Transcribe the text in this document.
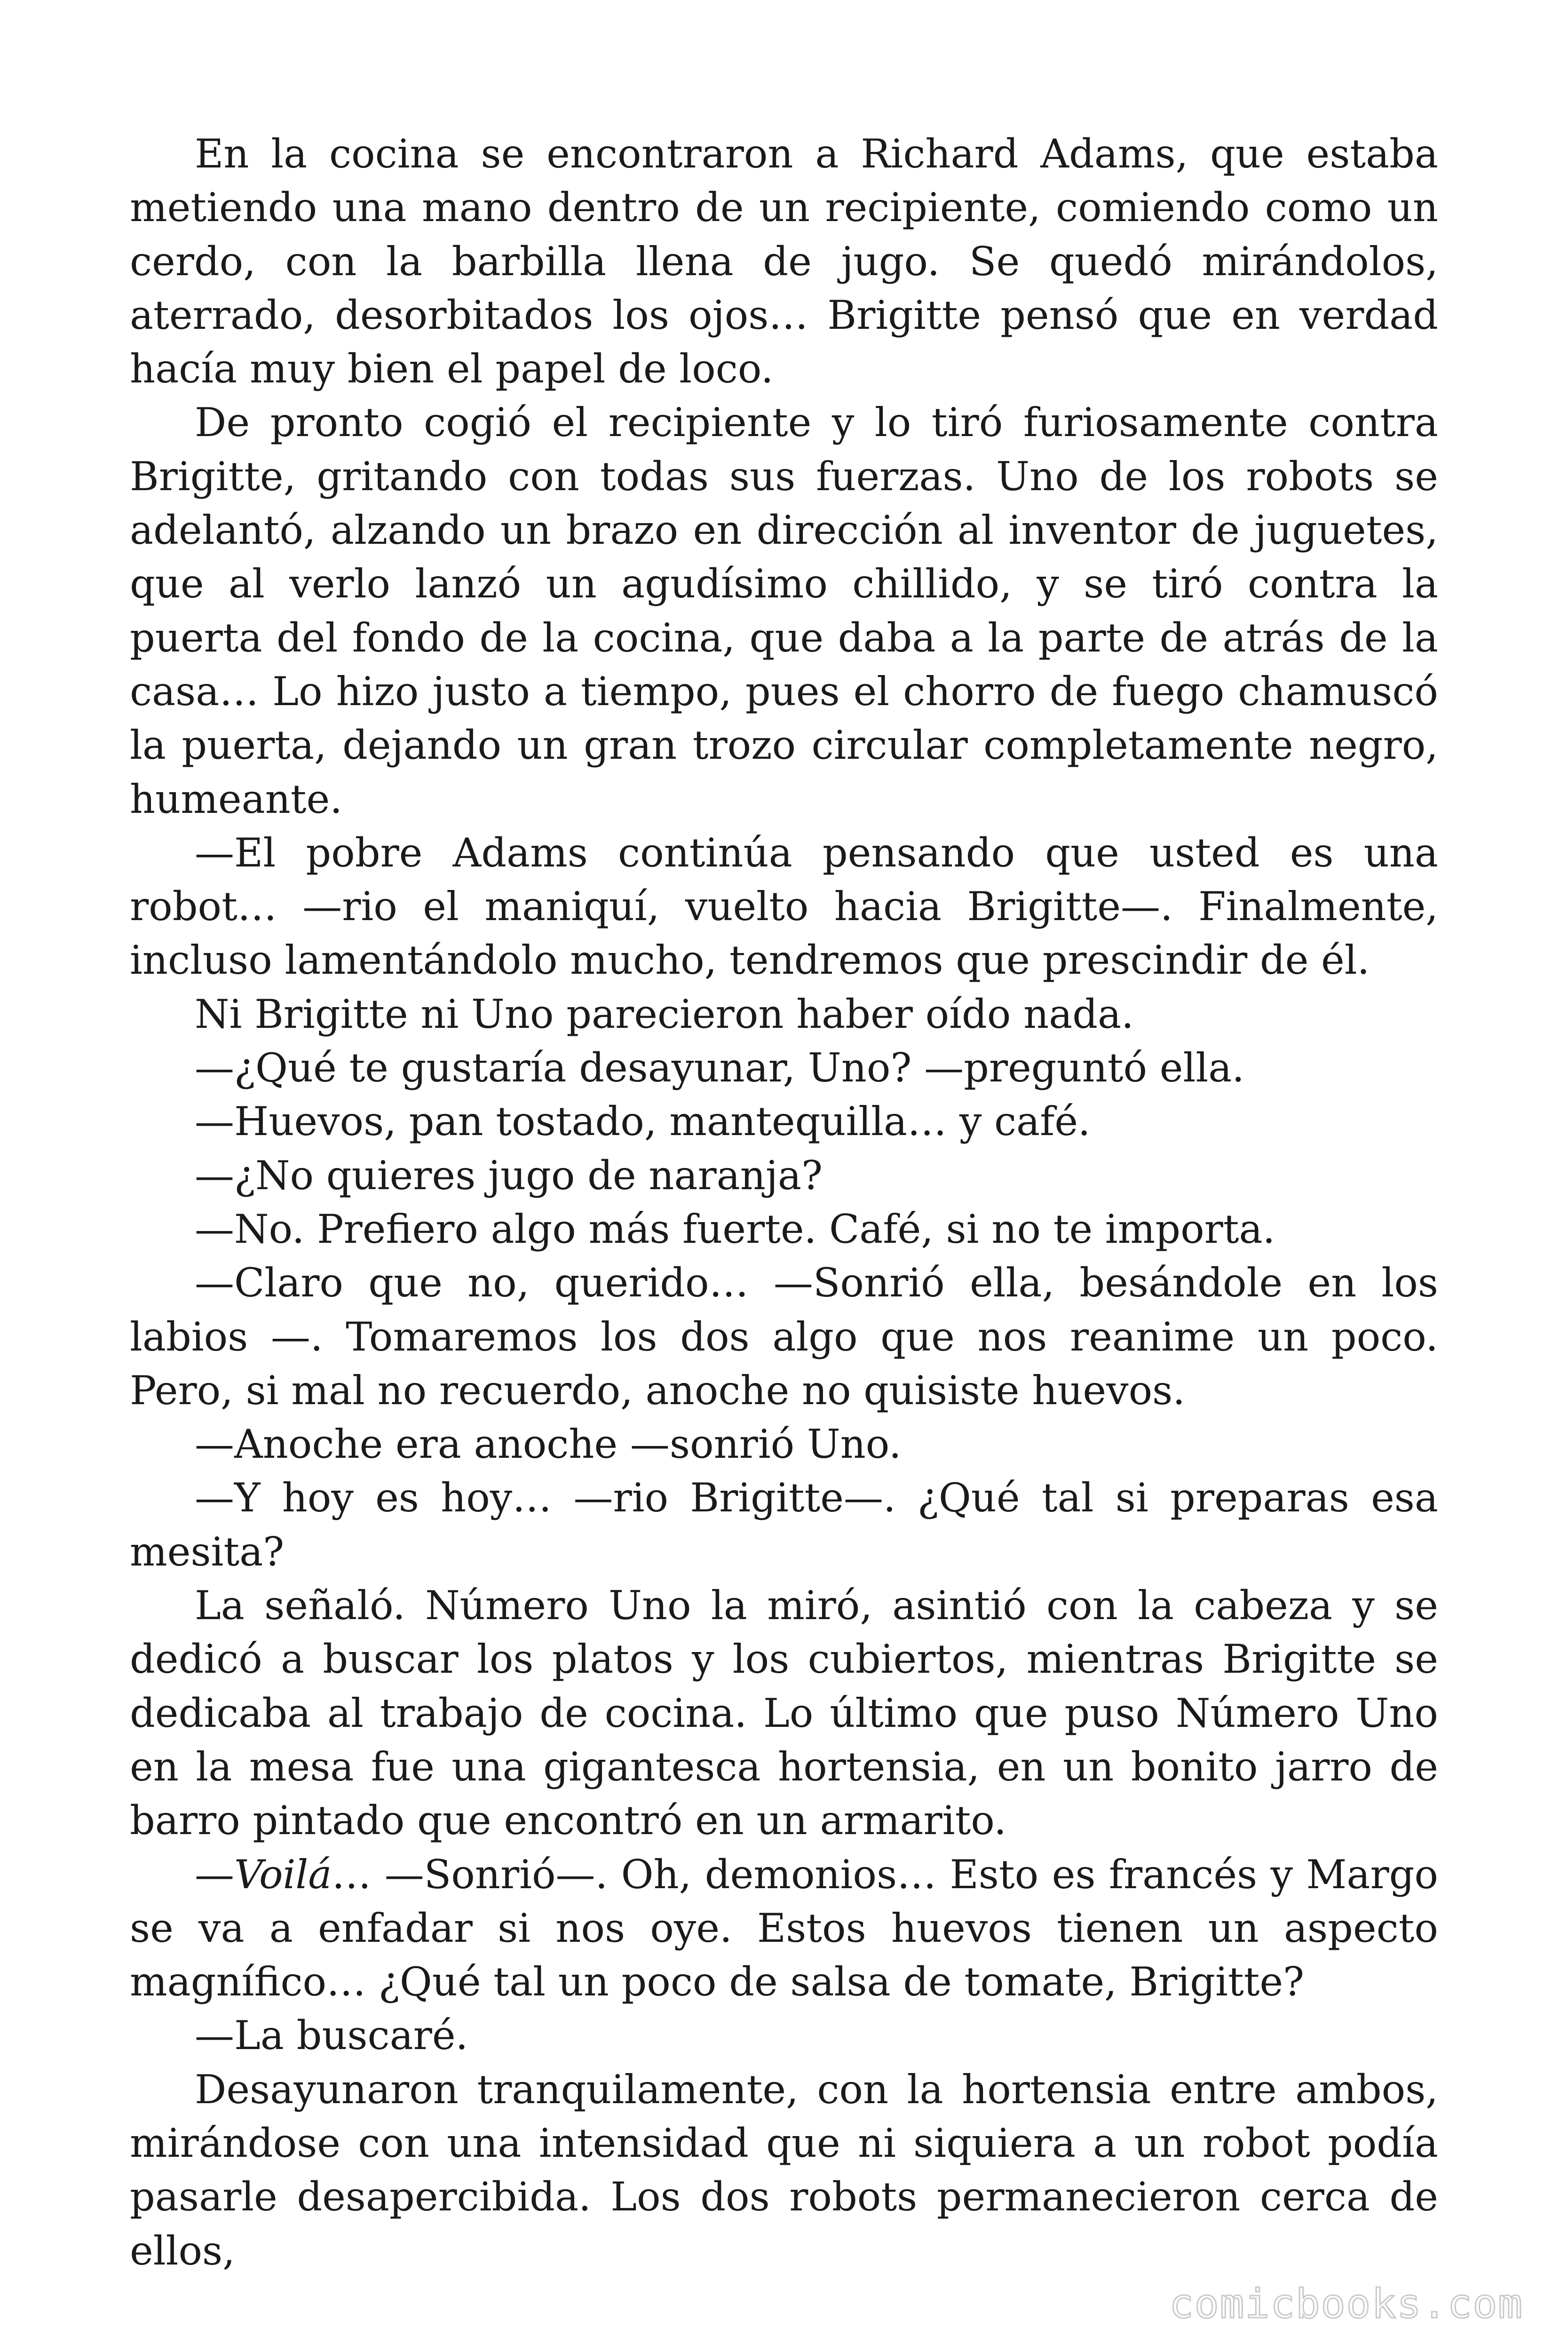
En la cocina se encontraron a Richard Adams, que estaba metiendo una mano dentro de un recipiente, comiendo como un cerdo, con la barbilla llena de jugo. Se quedó mirándolos, aterrado, desorbitados los ojos… Brigitte pensó que en verdad hacía muy bien el papel de loco.

De pronto cogió el recipiente y lo tiró furiosamente contra Brigitte, gritando con todas sus fuerzas. Uno de los robots se adelantó, alzando un brazo en dirección al inventor de juguetes, que al verlo lanzó un agudísimo chillido, y se tiró contra la puerta del fondo de la cocina, que daba a la parte de atrás de la casa… Lo hizo justo a tiempo, pues el chorro de fuego chamuscó la puerta, dejando un gran trozo circular completamente negro, humeante.

—El pobre Adams continúa pensando que usted es una robot… —rio el maniquí, vuelto hacia Brigitte—. Finalmente, incluso lamentándolo mucho, tendremos que prescindir de él.

Ni Brigitte ni Uno parecieron haber oído nada.

—¿Qué te gustaría desayunar, Uno? —preguntó ella.

—Huevos, pan tostado, mantequilla… y café.

—¿No quieres jugo de naranja?

—No. Prefiero algo más fuerte. Café, si no te importa.

—Claro que no, querido… —Sonrió ella, besándole en los labios —. Tomaremos los dos algo que nos reanime un poco. Pero, si mal no recuerdo, anoche no quisiste huevos.

—Anoche era anoche —sonrió Uno.

—Y hoy es hoy… —rio Brigitte—. ¿Qué tal si preparas esa mesita?

La señaló. Número Uno la miró, asintió con la cabeza y se dedicó a buscar los platos y los cubiertos, mientras Brigitte se dedicaba al trabajo de cocina. Lo último que puso Número Uno en la mesa fue una gigantesca hortensia, en un bonito jarro de barro pintado que encontró en un armarito.

—Voilá… —Sonrió—. Oh, demonios… Esto es francés y Margo se va a enfadar si nos oye. Estos huevos tienen un aspecto magnífico… ¿Qué tal un poco de salsa de tomate, Brigitte?

—La buscaré.

Desayunaron tranquilamente, con la hortensia entre ambos, mirándose con una intensidad que ni siquiera a un robot podía pasarle desapercibida. Los dos robots permanecieron cerca de ellos,

comicbooks.com
